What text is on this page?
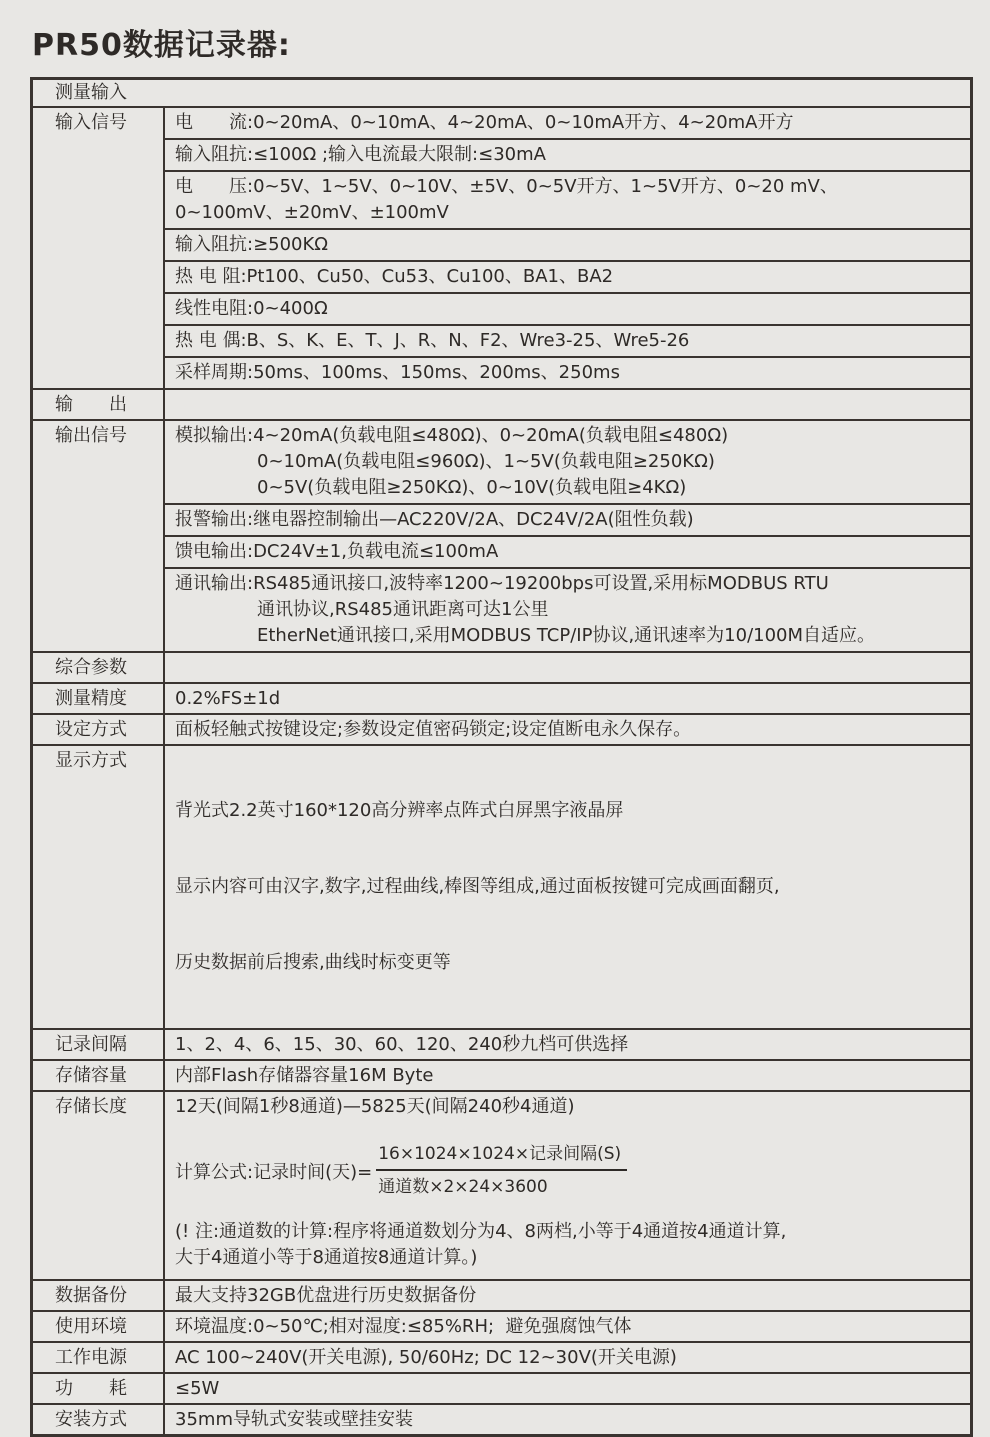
PR50数据记录器:
测量输入
输入信号	电　　流:0~20mA、0~10mA、4~20mA、0~10mA开方、4~20mA开方
输入阻抗:≤100Ω ;输入电流最大限制:≤30mA
电　　压:0~5V、1~5V、0~10V、±5V、0~5V开方、1~5V开方、0~20 mV、
0~100mV、±20mV、±100mV
输入阻抗:≥500KΩ
热 电 阻:Pt100、Cu50、Cu53、Cu100、BA1、BA2
线性电阻:0~400Ω
热 电 偶:B、S、K、E、T、J、R、N、F2、Wre3-25、Wre5-26
采样周期:50ms、100ms、150ms、200ms、250ms
输　　出
输出信号	模拟输出:4~20mA(负载电阻≤480Ω)、0~20mA(负载电阻≤480Ω)
0~10mA(负载电阻≤960Ω)、1~5V(负载电阻≥250KΩ)
0~5V(负载电阻≥250KΩ)、0~10V(负载电阻≥4KΩ)
报警输出:继电器控制输出—AC220V/2A、DC24V/2A(阻性负载)
馈电输出:DC24V±1,负载电流≤100mA
通讯输出:RS485通讯接口,波特率1200~19200bps可设置,采用标MODBUS RTU
通讯协议,RS485通讯距离可达1公里
EtherNet通讯接口,采用MODBUS TCP/IP协议,通讯速率为10/100M自适应。
综合参数
测量精度	0.2%FS±1d
设定方式	面板轻触式按键设定;参数设定值密码锁定;设定值断电永久保存。
显示方式

背光式2.2英寸160*120高分辨率点阵式白屏黑字液晶屏

显示内容可由汉字,数字,过程曲线,棒图等组成,通过面板按键可完成画面翻页,

历史数据前后搜索,曲线时标变更等

记录间隔	1、2、4、6、15、30、60、120、240秒九档可供选择
存储容量	内部Flash存储器容量16M Byte
存储长度	12天(间隔1秒8通道)—5825天(间隔240秒4通道)
计算公式:记录时间(天)= $\frac{\text{16×1024×1024×记录间隔(S)}}{\text{通道数×2×24×3600}}$
(! 注:通道数的计算:程序将通道数划分为4、8两档,小等于4通道按4通道计算,
大于4通道小等于8通道按8通道计算。)
数据备份	最大支持32GB优盘进行历史数据备份
使用环境	环境温度:0~50℃;相对湿度:≤85%RH;  避免强腐蚀气体
工作电源	AC 100~240V(开关电源), 50/60Hz; DC 12~30V(开关电源)
功　　耗	≤5W
安装方式	35mm导轨式安装或壁挂安装
